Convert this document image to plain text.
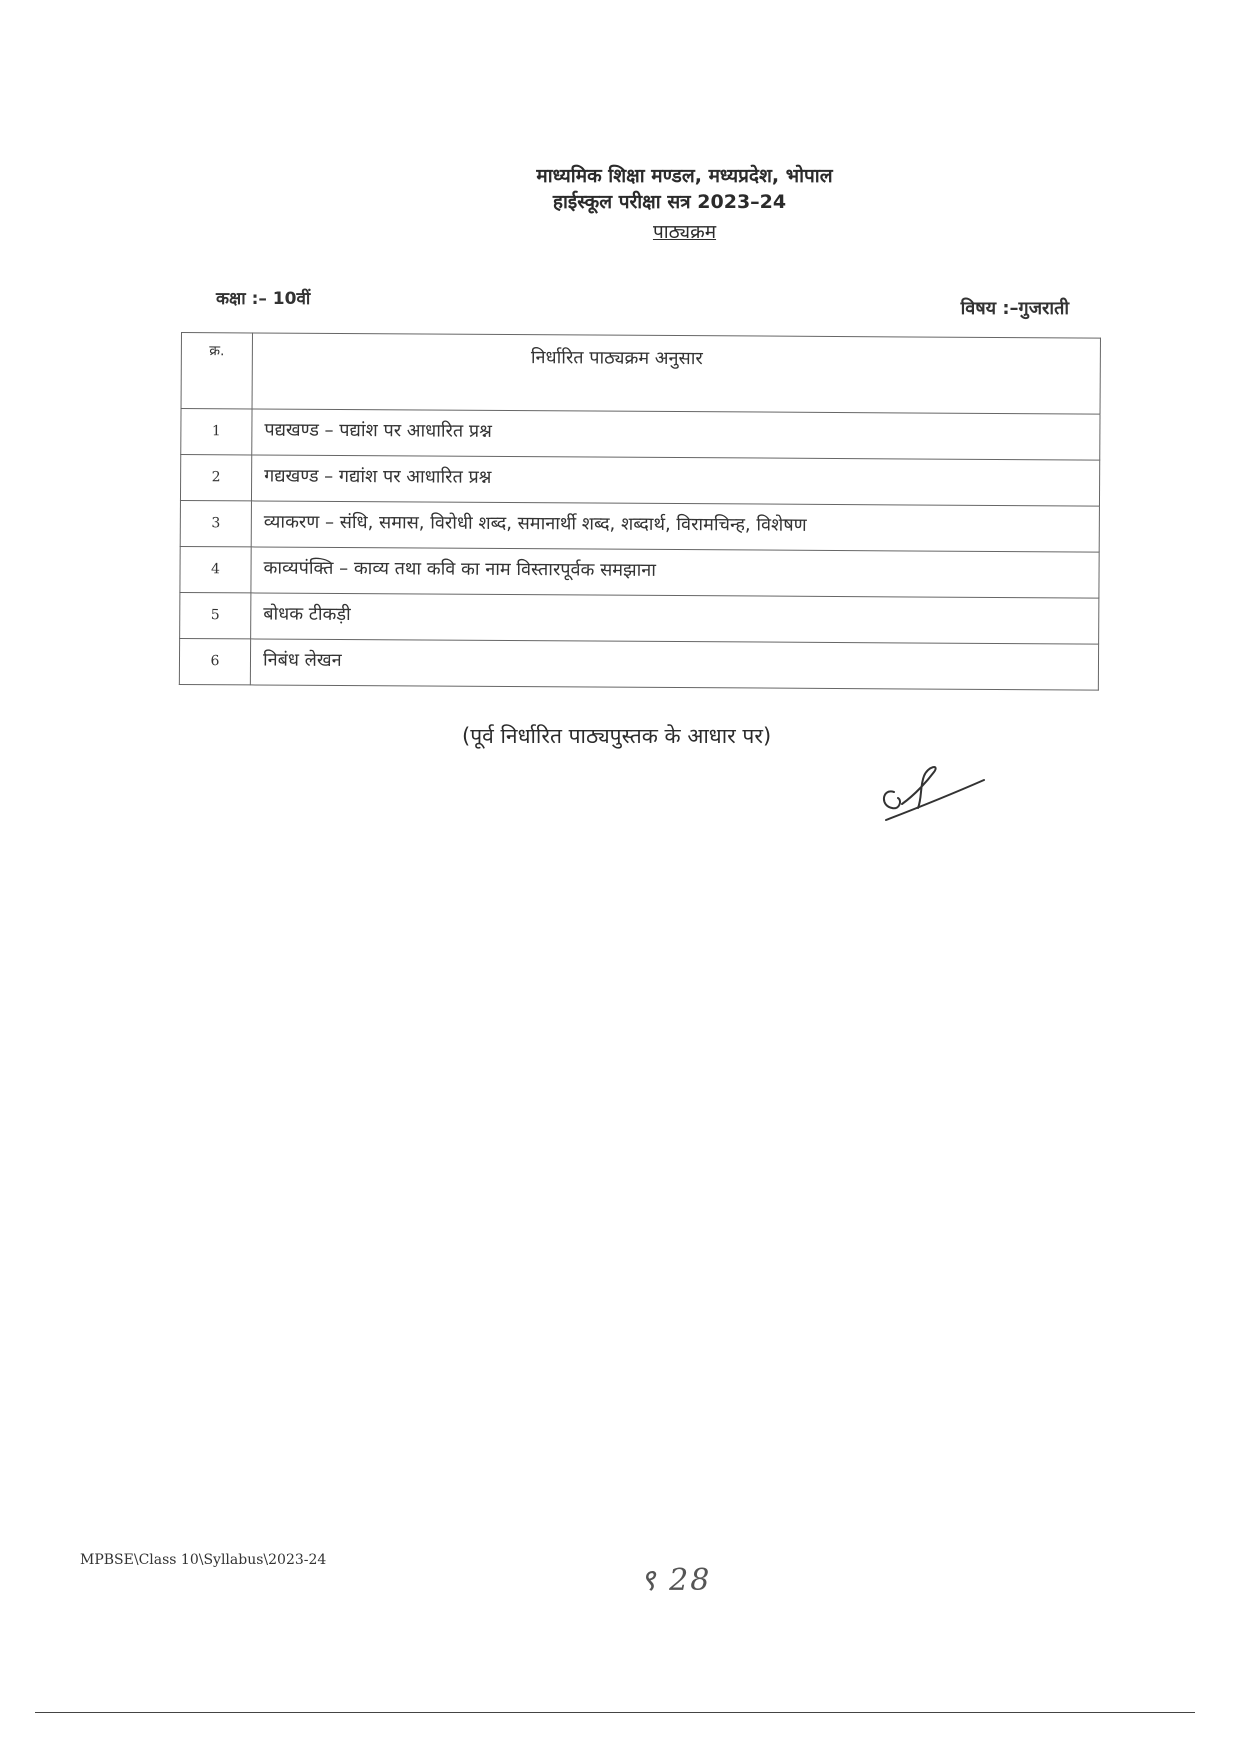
माध्यमिक शिक्षा मण्डल, मध्यप्रदेश, भोपाल
हाईस्कूल परीक्षा सत्र 2023–24
पाठ्यक्रम
कक्षा :– 10वीं	विषय :–गुजराती
क्र.	निर्धारित पाठ्यक्रम अनुसार
1	पद्यखण्ड – पद्यांश पर आधारित प्रश्न
2	गद्यखण्ड – गद्यांश पर आधारित प्रश्न
3	व्याकरण – संधि, समास, विरोधी शब्द, समानार्थी शब्द, शब्दार्थ, विरामचिन्ह, विशेषण
4	काव्यपंक्ति – काव्य तथा कवि का नाम विस्तारपूर्वक समझाना
5	बोधक टीकड़ी
6	निबंध लेखन
(पूर्व निर्धारित पाठ्यपुस्तक के आधार पर)
MPBSE\Class 10\Syllabus\2023-24
९ 28
